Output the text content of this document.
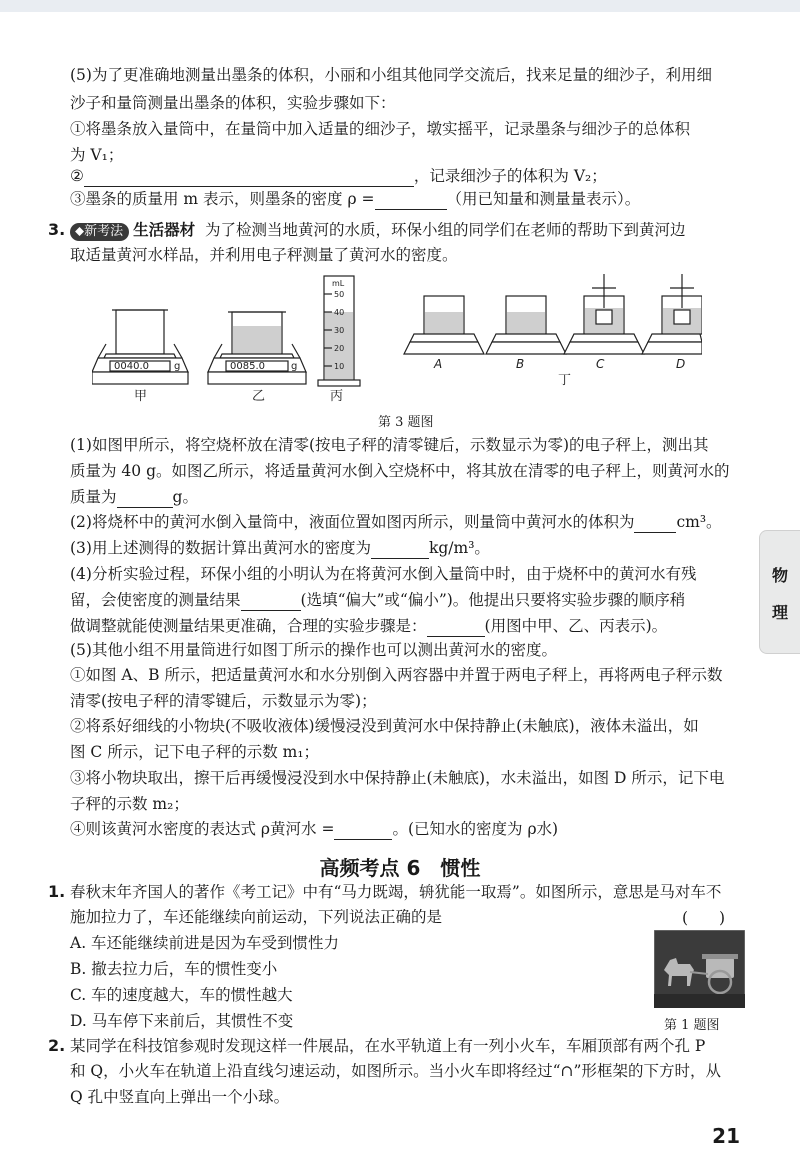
(5)为了更准确地测量出墨条的体积，小丽和小组其他同学交流后，找来足量的细沙子，利用细
沙子和量筒测量出墨条的体积，实验步骤如下：
①将墨条放入量筒中，在量筒中加入适量的细沙子，墩实摇平，记录墨条与细沙子的总体积
为 V₁；
②	，记录细沙子的体积为 V₂；
③墨条的质量用 m 表示，则墨条的密度 ρ =	（用已知量和测量量表示）。
3. ⬥新考法 生活器材 为了检测当地黄河的水质，环保小组的同学们在老师的帮助下到黄河边
取适量黄河水样品，并利用电子秤测量了黄河水的密度。
0040.0	g	0085.0	g
mL
50
40
30
20
10	A	B	C	D
甲	乙	丙
丁
第 3 题图
(1)如图甲所示，将空烧杯放在清零(按电子秤的清零键后，示数显示为零)的电子秤上，测出其
质量为 40 g。如图乙所示，将适量黄河水倒入空烧杯中，将其放在清零的电子秤上，则黄河水的
质量为	g。
(2)将烧杯中的黄河水倒入量筒中，液面位置如图丙所示，则量筒中黄河水的体积为	cm³。
(3)用上述测得的数据计算出黄河水的密度为	kg/m³。
(4)分析实验过程，环保小组的小明认为在将黄河水倒入量筒中时，由于烧杯中的黄河水有残
留，会使密度的测量结果	(选填“偏大”或“偏小”)。他提出只要将实验步骤的顺序稍
做调整就能使测量结果更准确，合理的实验步骤是：	(用图中甲、乙、丙表示)。
(5)其他小组不用量筒进行如图丁所示的操作也可以测出黄河水的密度。
①如图 A、B 所示，把适量黄河水和水分别倒入两容器中并置于两电子秤上，再将两电子秤示数
清零(按电子秤的清零键后，示数显示为零)；
②将系好细线的小物块(不吸收液体)缓慢浸没到黄河水中保持静止(未触底)，液体未溢出，如
图 C 所示，记下电子秤的示数 m₁；
③将小物块取出，擦干后再缓慢浸没到水中保持静止(未触底)，水未溢出，如图 D 所示，记下电
子秤的示数 m₂；
④则该黄河水密度的表达式 ρ黄河水 =	。(已知水的密度为 ρ水)
高频考点 6　惯性
1. 春秋末年齐国人的著作《考工记》中有“马力既竭，辀犹能一取焉”。如图所示，意思是马对车不
施加拉力了，车还能继续向前运动，下列说法正确的是	(　　)
A. 车还能继续前进是因为车受到惯性力
B. 撤去拉力后，车的惯性变小
C. 车的速度越大，车的惯性越大
D. 马车停下来前后，其惯性不变	第 1 题图
2. 某同学在科技馆参观时发现这样一件展品，在水平轨道上有一列小火车，车厢顶部有两个孔 P
和 Q，小火车在轨道上沿直线匀速运动，如图所示。当小火车即将经过“∩”形框架的下方时，从
Q 孔中竖直向上弹出一个小球。
物
理
21
